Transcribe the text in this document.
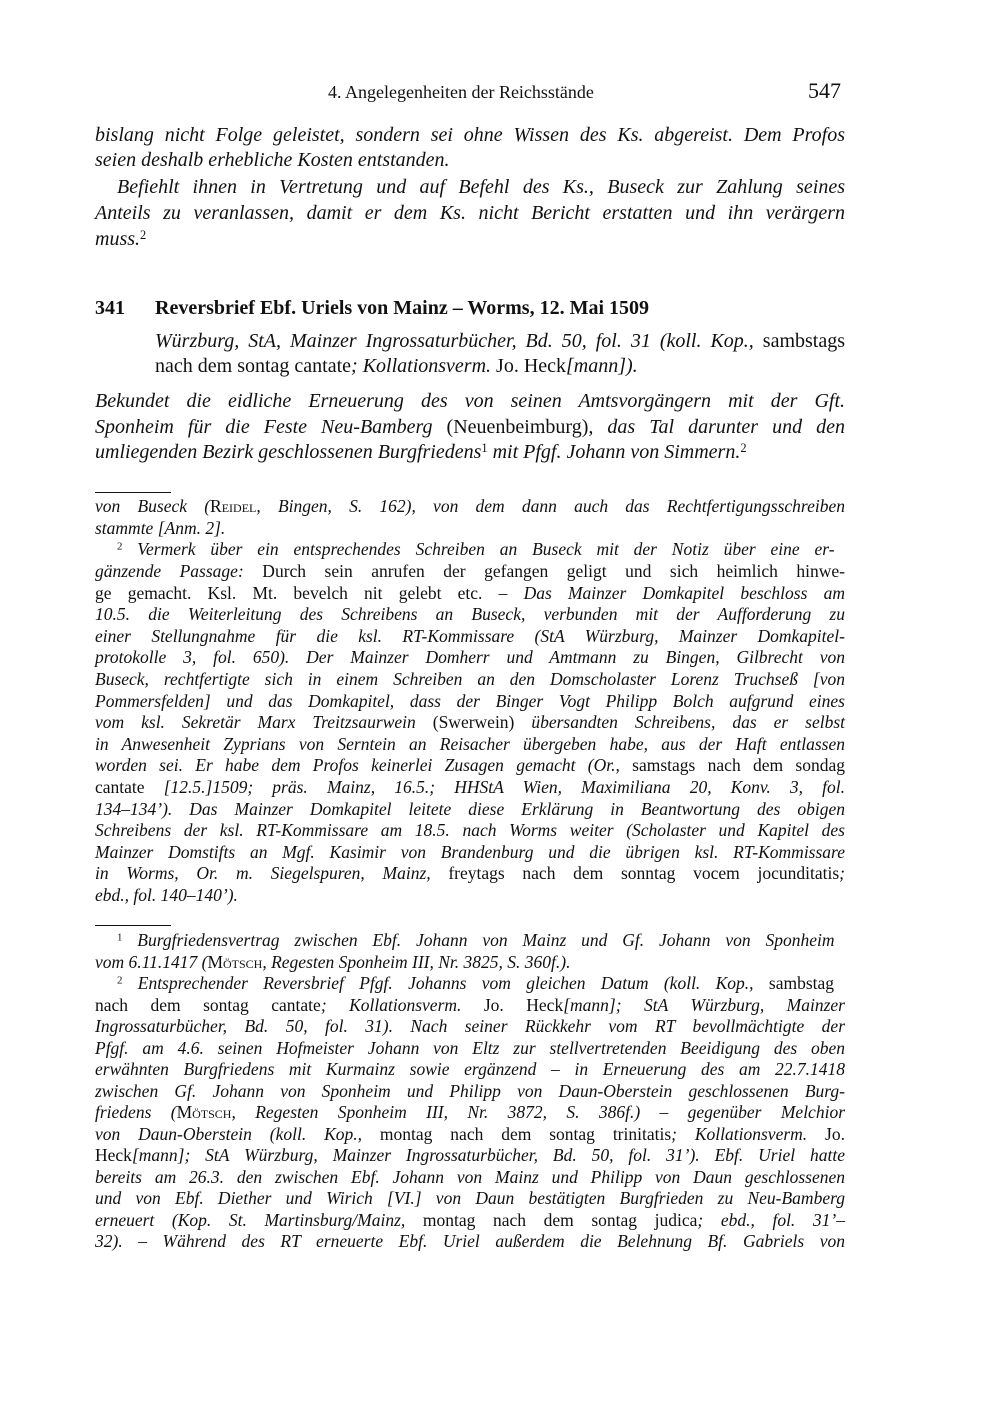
4. Angelegenheiten der Reichsstände	547
341 Reversbrief Ebf. Uriels von Mainz – Worms, 12. Mai 1509
bislang nicht Folge geleistet, sondern sei ohne Wissen des Ks. abgereist. Dem Profos
seien deshalb erhebliche Kosten entstanden.
Befiehlt ihnen in Vertretung und auf Befehl des Ks., Buseck zur Zahlung seines
Anteils zu veranlassen, damit er dem Ks. nicht Bericht erstatten und ihn verärgern
muss.$^2$
Würzburg, StA, Mainzer Ingrossaturbücher, Bd. 50, fol. 31 (koll. Kop., sambstags
nach dem sontag cantate; Kollationsverm. Jo. Heck[mann]).
Bekundet die eidliche Erneuerung des von seinen Amtsvorgängern mit der Gft.
Sponheim für die Feste Neu-Bamberg (Neuenbeimburg), das Tal darunter und den
umliegenden Bezirk geschlossenen Burgfriedens$^1$ mit Pfgf. Johann von Simmern.$^2$
von Buseck (Reidel, Bingen, S. 162), von dem dann auch das Rechtfertigungsschreiben
stammte [Anm. 2].
$^2$ Vermerk über ein entsprechendes Schreiben an Buseck mit der Notiz über eine er-
gänzende Passage: Durch sein anrufen der gefangen geligt und sich heimlich hinwe-
ge gemacht. Ksl. Mt. bevelch nit gelebt etc. – Das Mainzer Domkapitel beschloss am
10.5. die Weiterleitung des Schreibens an Buseck, verbunden mit der Aufforderung zu
einer Stellungnahme für die ksl. RT-Kommissare (StA Würzburg, Mainzer Domkapitel-
protokolle 3, fol. 650). Der Mainzer Domherr und Amtmann zu Bingen, Gilbrecht von
Buseck, rechtfertigte sich in einem Schreiben an den Domscholaster Lorenz Truchseß [von
Pommersfelden] und das Domkapitel, dass der Binger Vogt Philipp Bolch aufgrund eines
vom ksl. Sekretär Marx Treitzsaurwein (Swerwein) übersandten Schreibens, das er selbst
in Anwesenheit Zyprians von Serntein an Reisacher übergeben habe, aus der Haft entlassen
worden sei. Er habe dem Profos keinerlei Zusagen gemacht (Or., samstags nach dem sondag
cantate [12.5.]1509; präs. Mainz, 16.5.; HHStA Wien, Maximiliana 20, Konv. 3, fol.
134–134’). Das Mainzer Domkapitel leitete diese Erklärung in Beantwortung des obigen
Schreibens der ksl. RT-Kommissare am 18.5. nach Worms weiter (Scholaster und Kapitel des
Mainzer Domstifts an Mgf. Kasimir von Brandenburg und die übrigen ksl. RT-Kommissare
in Worms, Or. m. Siegelspuren, Mainz, freytags nach dem sonntag vocem jocunditatis;
ebd., fol. 140–140’).
$^1$ Burgfriedensvertrag zwischen Ebf. Johann von Mainz und Gf. Johann von Sponheim
vom 6.11.1417 (Mötsch, Regesten Sponheim III, Nr. 3825, S. 360f.).
$^2$ Entsprechender Reversbrief Pfgf. Johanns vom gleichen Datum (koll. Kop., sambstag
nach dem sontag cantate; Kollationsverm. Jo. Heck[mann]; StA Würzburg, Mainzer
Ingrossaturbücher, Bd. 50, fol. 31). Nach seiner Rückkehr vom RT bevollmächtigte der
Pfgf. am 4.6. seinen Hofmeister Johann von Eltz zur stellvertretenden Beeidigung des oben
erwähnten Burgfriedens mit Kurmainz sowie ergänzend – in Erneuerung des am 22.7.1418
zwischen Gf. Johann von Sponheim und Philipp von Daun-Oberstein geschlossenen Burg-
friedens (Mötsch, Regesten Sponheim III, Nr. 3872, S. 386f.) – gegenüber Melchior
von Daun-Oberstein (koll. Kop., montag nach dem sontag trinitatis; Kollationsverm. Jo.
Heck[mann]; StA Würzburg, Mainzer Ingrossaturbücher, Bd. 50, fol. 31’). Ebf. Uriel hatte
bereits am 26.3. den zwischen Ebf. Johann von Mainz und Philipp von Daun geschlossenen
und von Ebf. Diether und Wirich [VI.] von Daun bestätigten Burgfrieden zu Neu-Bamberg
erneuert (Kop. St. Martinsburg/Mainz, montag nach dem sontag judica; ebd., fol. 31’–
32). – Während des RT erneuerte Ebf. Uriel außerdem die Belehnung Bf. Gabriels von
